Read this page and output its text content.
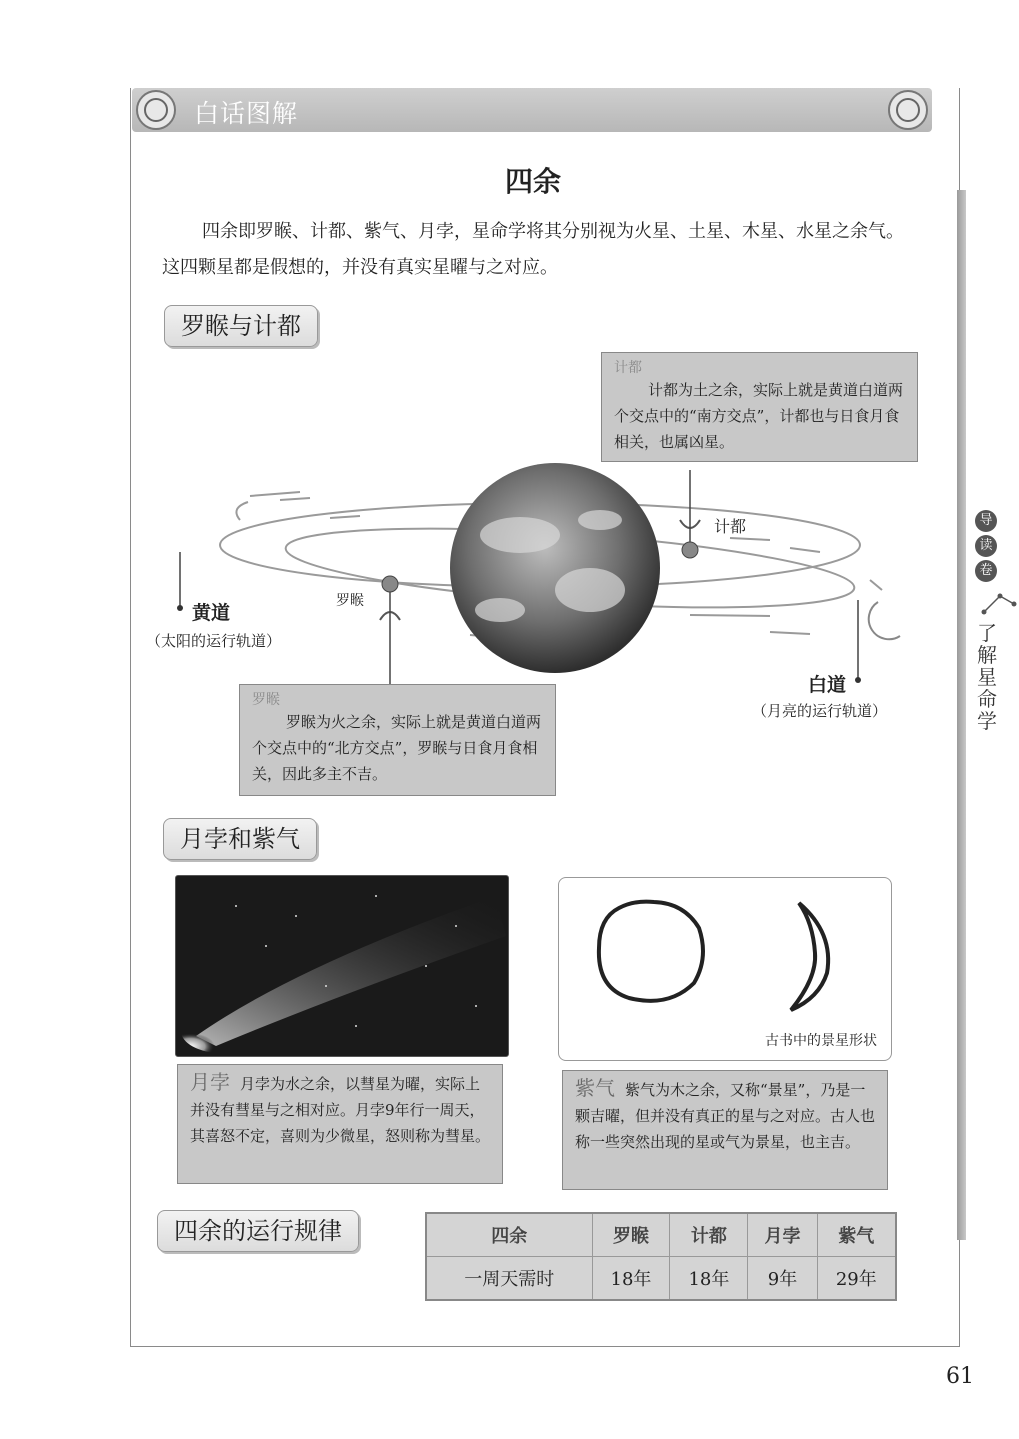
白话图解
导
读
卷
了解星命学
四余
四余即罗睺、计都、紫气、月孛，星命学将其分别视为火星、土星、木星、水星之余气。这四颗星都是假想的，并没有真实星曜与之对应。
罗睺与计都
计都
计都为土之余，实际上就是黄道白道两个交点中的“南方交点”，计都也与日食月食相关，也属凶星。
罗睺
罗睺为火之余，实际上就是黄道白道两个交点中的“北方交点”，罗睺与日食月食相关，因此多主不吉。
计都
罗睺
黄道
（太阳的运行轨道）
白道
（月亮的运行轨道）
月孛和紫气
古书中的景星形状
月孛 月孛为水之余，以彗星为曜，实际上并没有彗星与之相对应。月孛9年行一周天，其喜怒不定，喜则为少微星，怒则称为彗星。
紫气 紫气为木之余，又称“景星”，乃是一颗吉曜，但并没有真正的星与之对应。古人也称一些突然出现的星或气为景星，也主吉。
四余的运行规律	四余	罗睺	计都	月孛	紫气
一周天需时	18年	18年	9年	29年
61
